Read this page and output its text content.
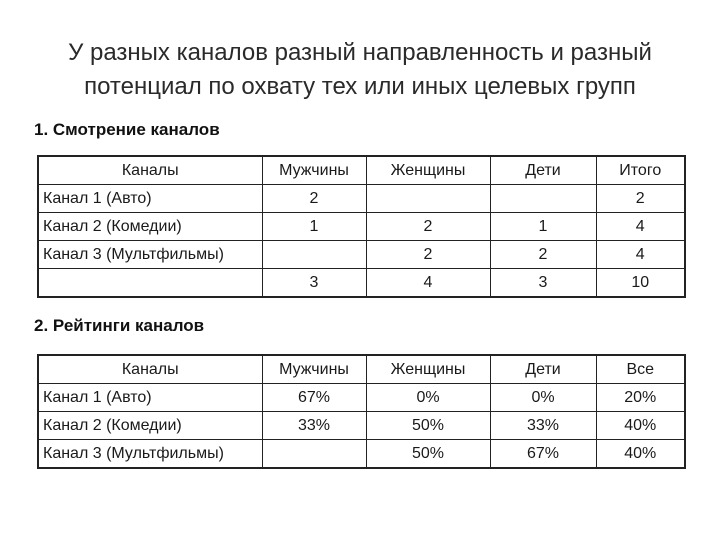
У разных каналов разный направленность и разный
потенциал по охвату тех или иных целевых групп
1. Смотрение каналов
Каналы	Мужчины	Женщины	Дети	Итого
Канал 1 (Авто)	2			2
Канал 2 (Комедии)	1	2	1	4
Канал 3 (Мультфильмы)		2	2	4
	3	4	3	10
2. Рейтинги каналов
Каналы	Мужчины	Женщины	Дети	Все
Канал 1 (Авто)	67%	0%	0%	20%
Канал 2 (Комедии)	33%	50%	33%	40%
Канал 3 (Мультфильмы)		50%	67%	40%
